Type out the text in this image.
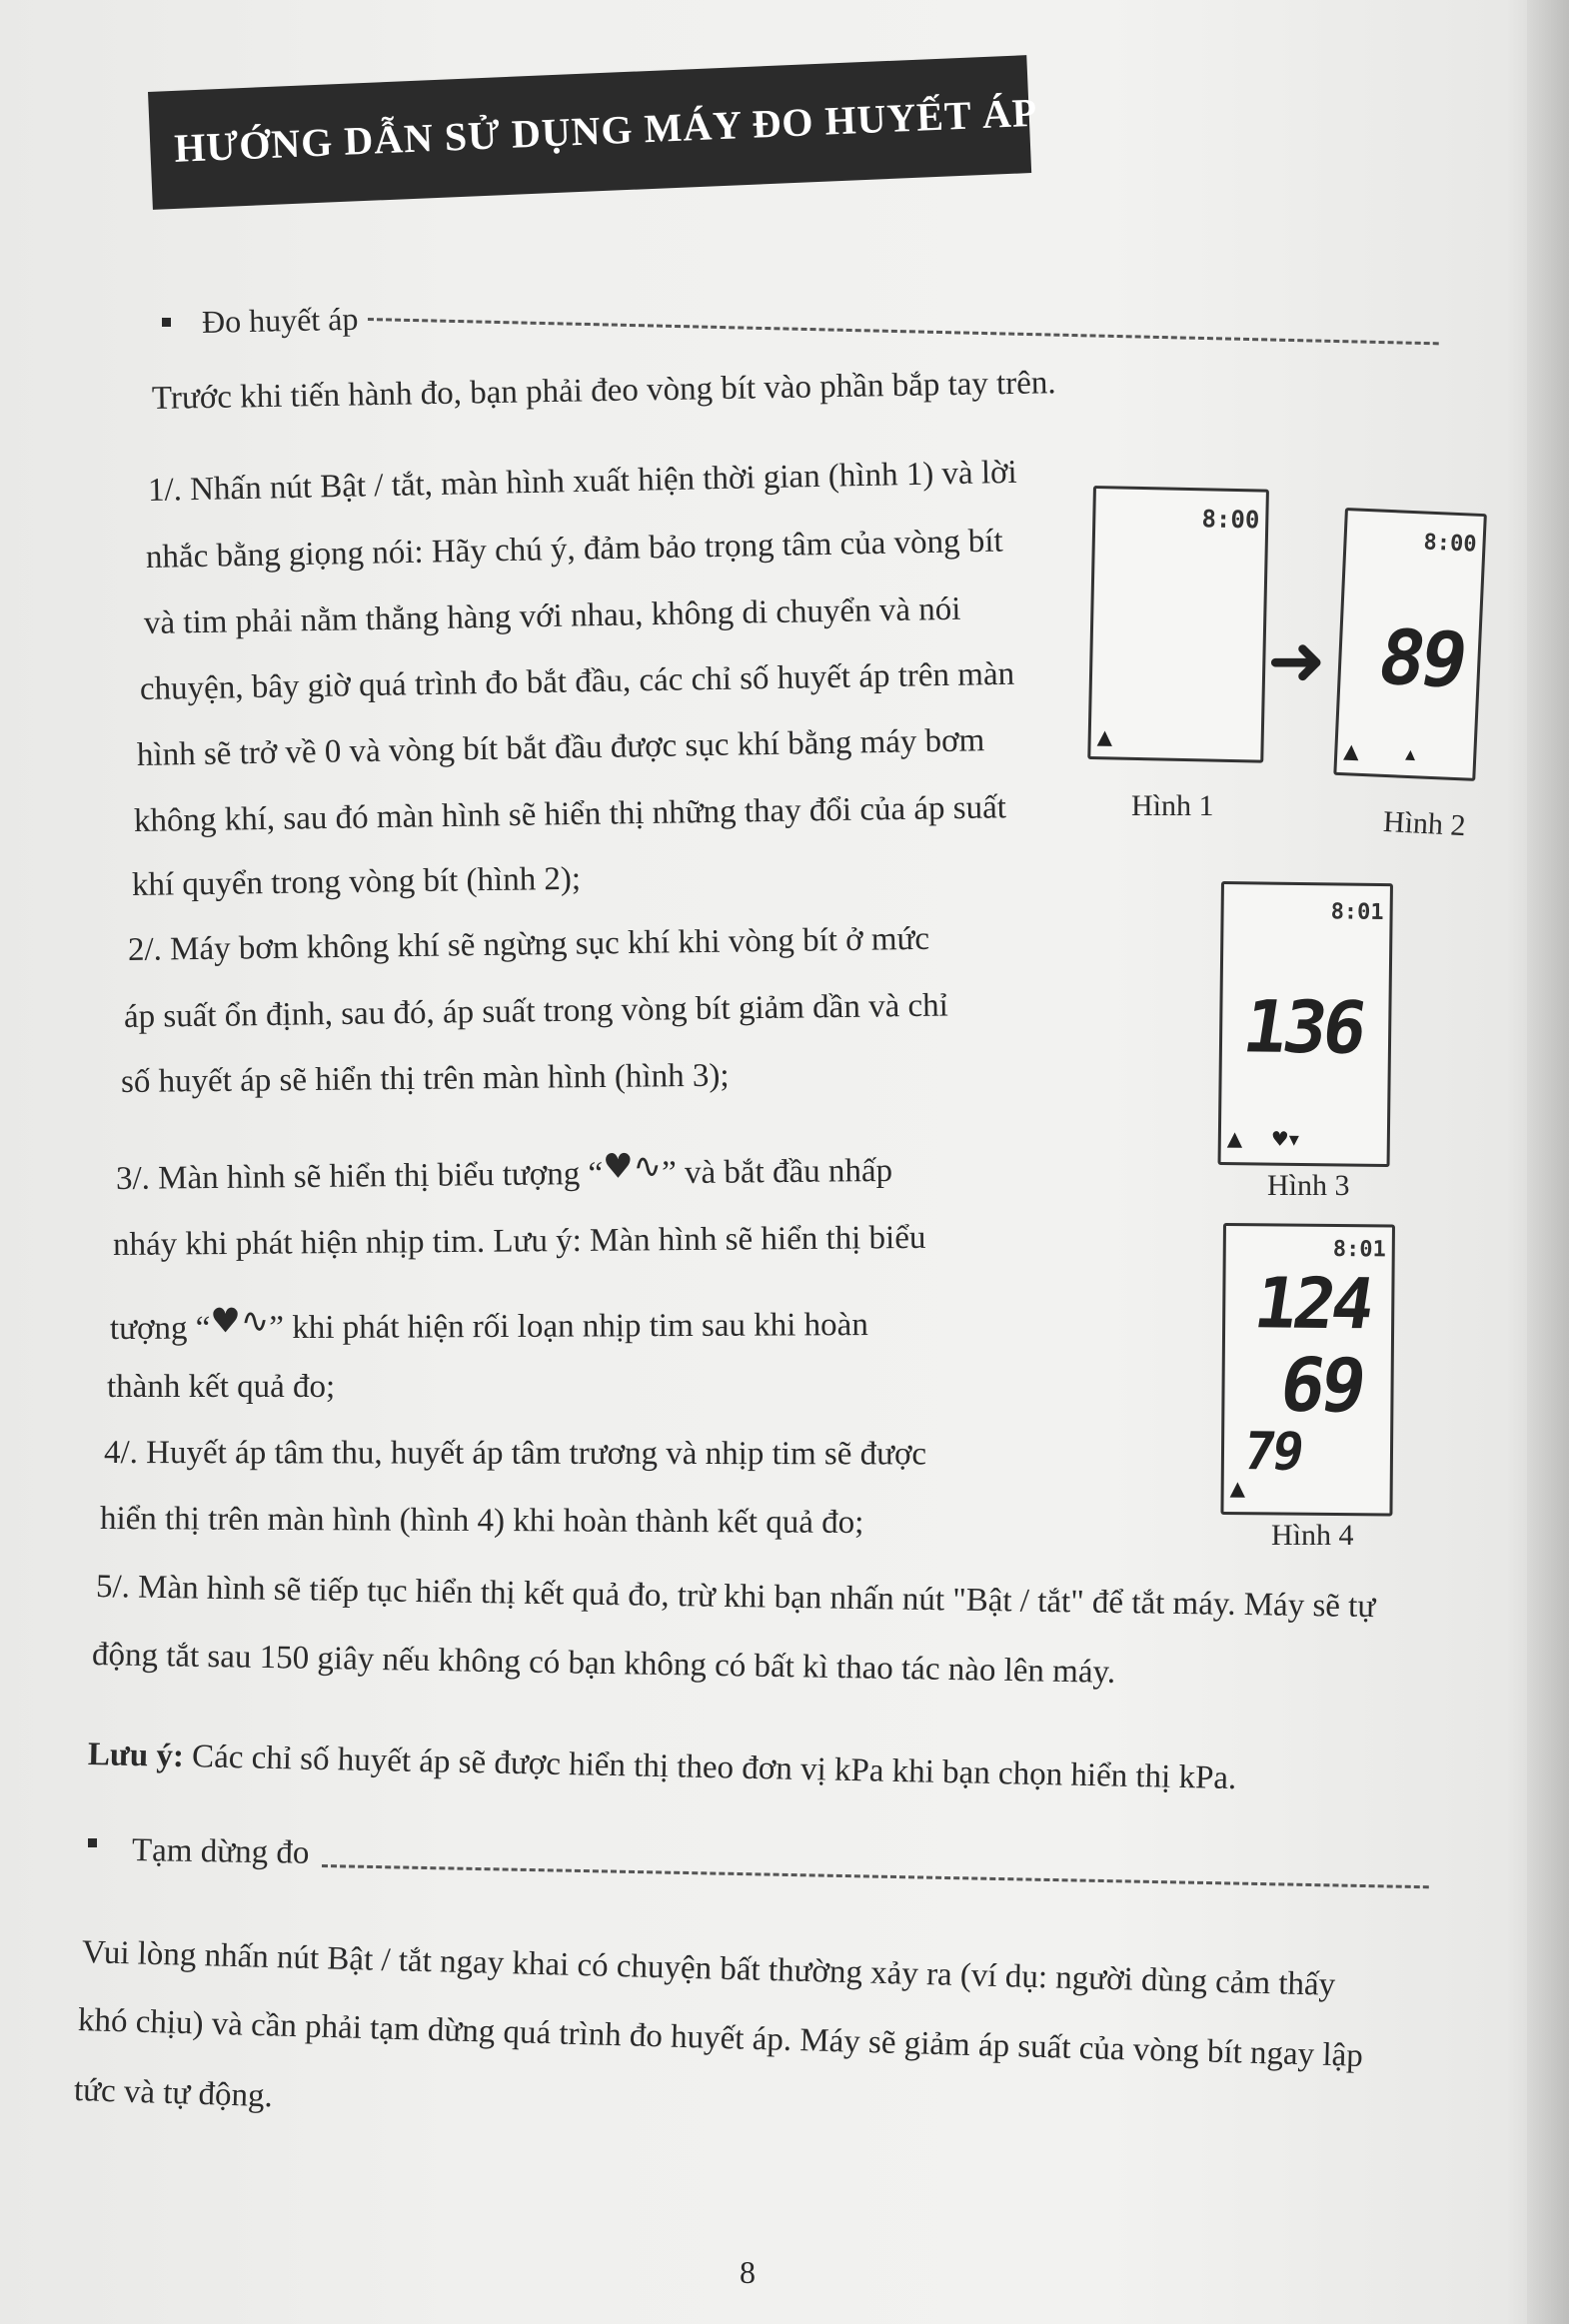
HƯỚNG DẪN SỬ DỤNG MÁY ĐO HUYẾT ÁP
Đo huyết áp
Trước khi tiến hành đo, bạn phải đeo vòng bít vào phần bắp tay trên.
1/. Nhấn nút Bật / tắt, màn hình xuất hiện thời gian (hình 1) và lời
nhắc bằng giọng nói: Hãy chú ý, đảm bảo trọng tâm của vòng bít
và tim phải nằm thẳng hàng với nhau, không di chuyển và nói
chuyện, bây giờ quá trình đo bắt đầu, các chỉ số huyết áp trên màn
hình sẽ trở về 0 và vòng bít bắt đầu được sục khí bằng máy bơm
không khí, sau đó màn hình sẽ hiển thị những thay đổi của áp suất
khí quyển trong vòng bít (hình 2);
2/. Máy bơm không khí sẽ ngừng sục khí khi vòng bít ở mức
áp suất ổn định, sau đó, áp suất trong vòng bít giảm dần và chỉ
số huyết áp sẽ hiển thị trên màn hình (hình 3);
3/. Màn hình sẽ hiển thị biểu tượng “♥∿” và bắt đầu nhấp
nháy khi phát hiện nhịp tim. Lưu ý: Màn hình sẽ hiển thị biểu
tượng “♥∿” khi phát hiện rối loạn nhịp tim sau khi hoàn
thành kết quả đo;
4/. Huyết áp tâm thu, huyết áp tâm trương và nhịp tim sẽ được
hiển thị trên màn hình (hình 4) khi hoàn thành kết quả đo;
5/. Màn hình sẽ tiếp tục hiển thị kết quả đo, trừ khi bạn nhấn nút "Bật / tắt" để tắt máy. Máy sẽ tự
động tắt sau 150 giây nếu không có bạn không có bất kì thao tác nào lên máy.
Lưu ý: Các chỉ số huyết áp sẽ được hiển thị theo đơn vị kPa khi bạn chọn hiển thị kPa.
Tạm dừng đo
Vui lòng nhấn nút Bật / tắt ngay khai có chuyện bất thường xảy ra (ví dụ: người dùng cảm thấy
khó chịu) và cần phải tạm dừng quá trình đo huyết áp. Máy sẽ giảm áp suất của vòng bít ngay lập
tức và tự động.
8:00
▲
Hình 1
➜
8:00
89
▲ ▴
Hình 2
8:01
136
▲ ♥▾
Hình 3
8:01
124
69
79
▲
Hình 4
8
